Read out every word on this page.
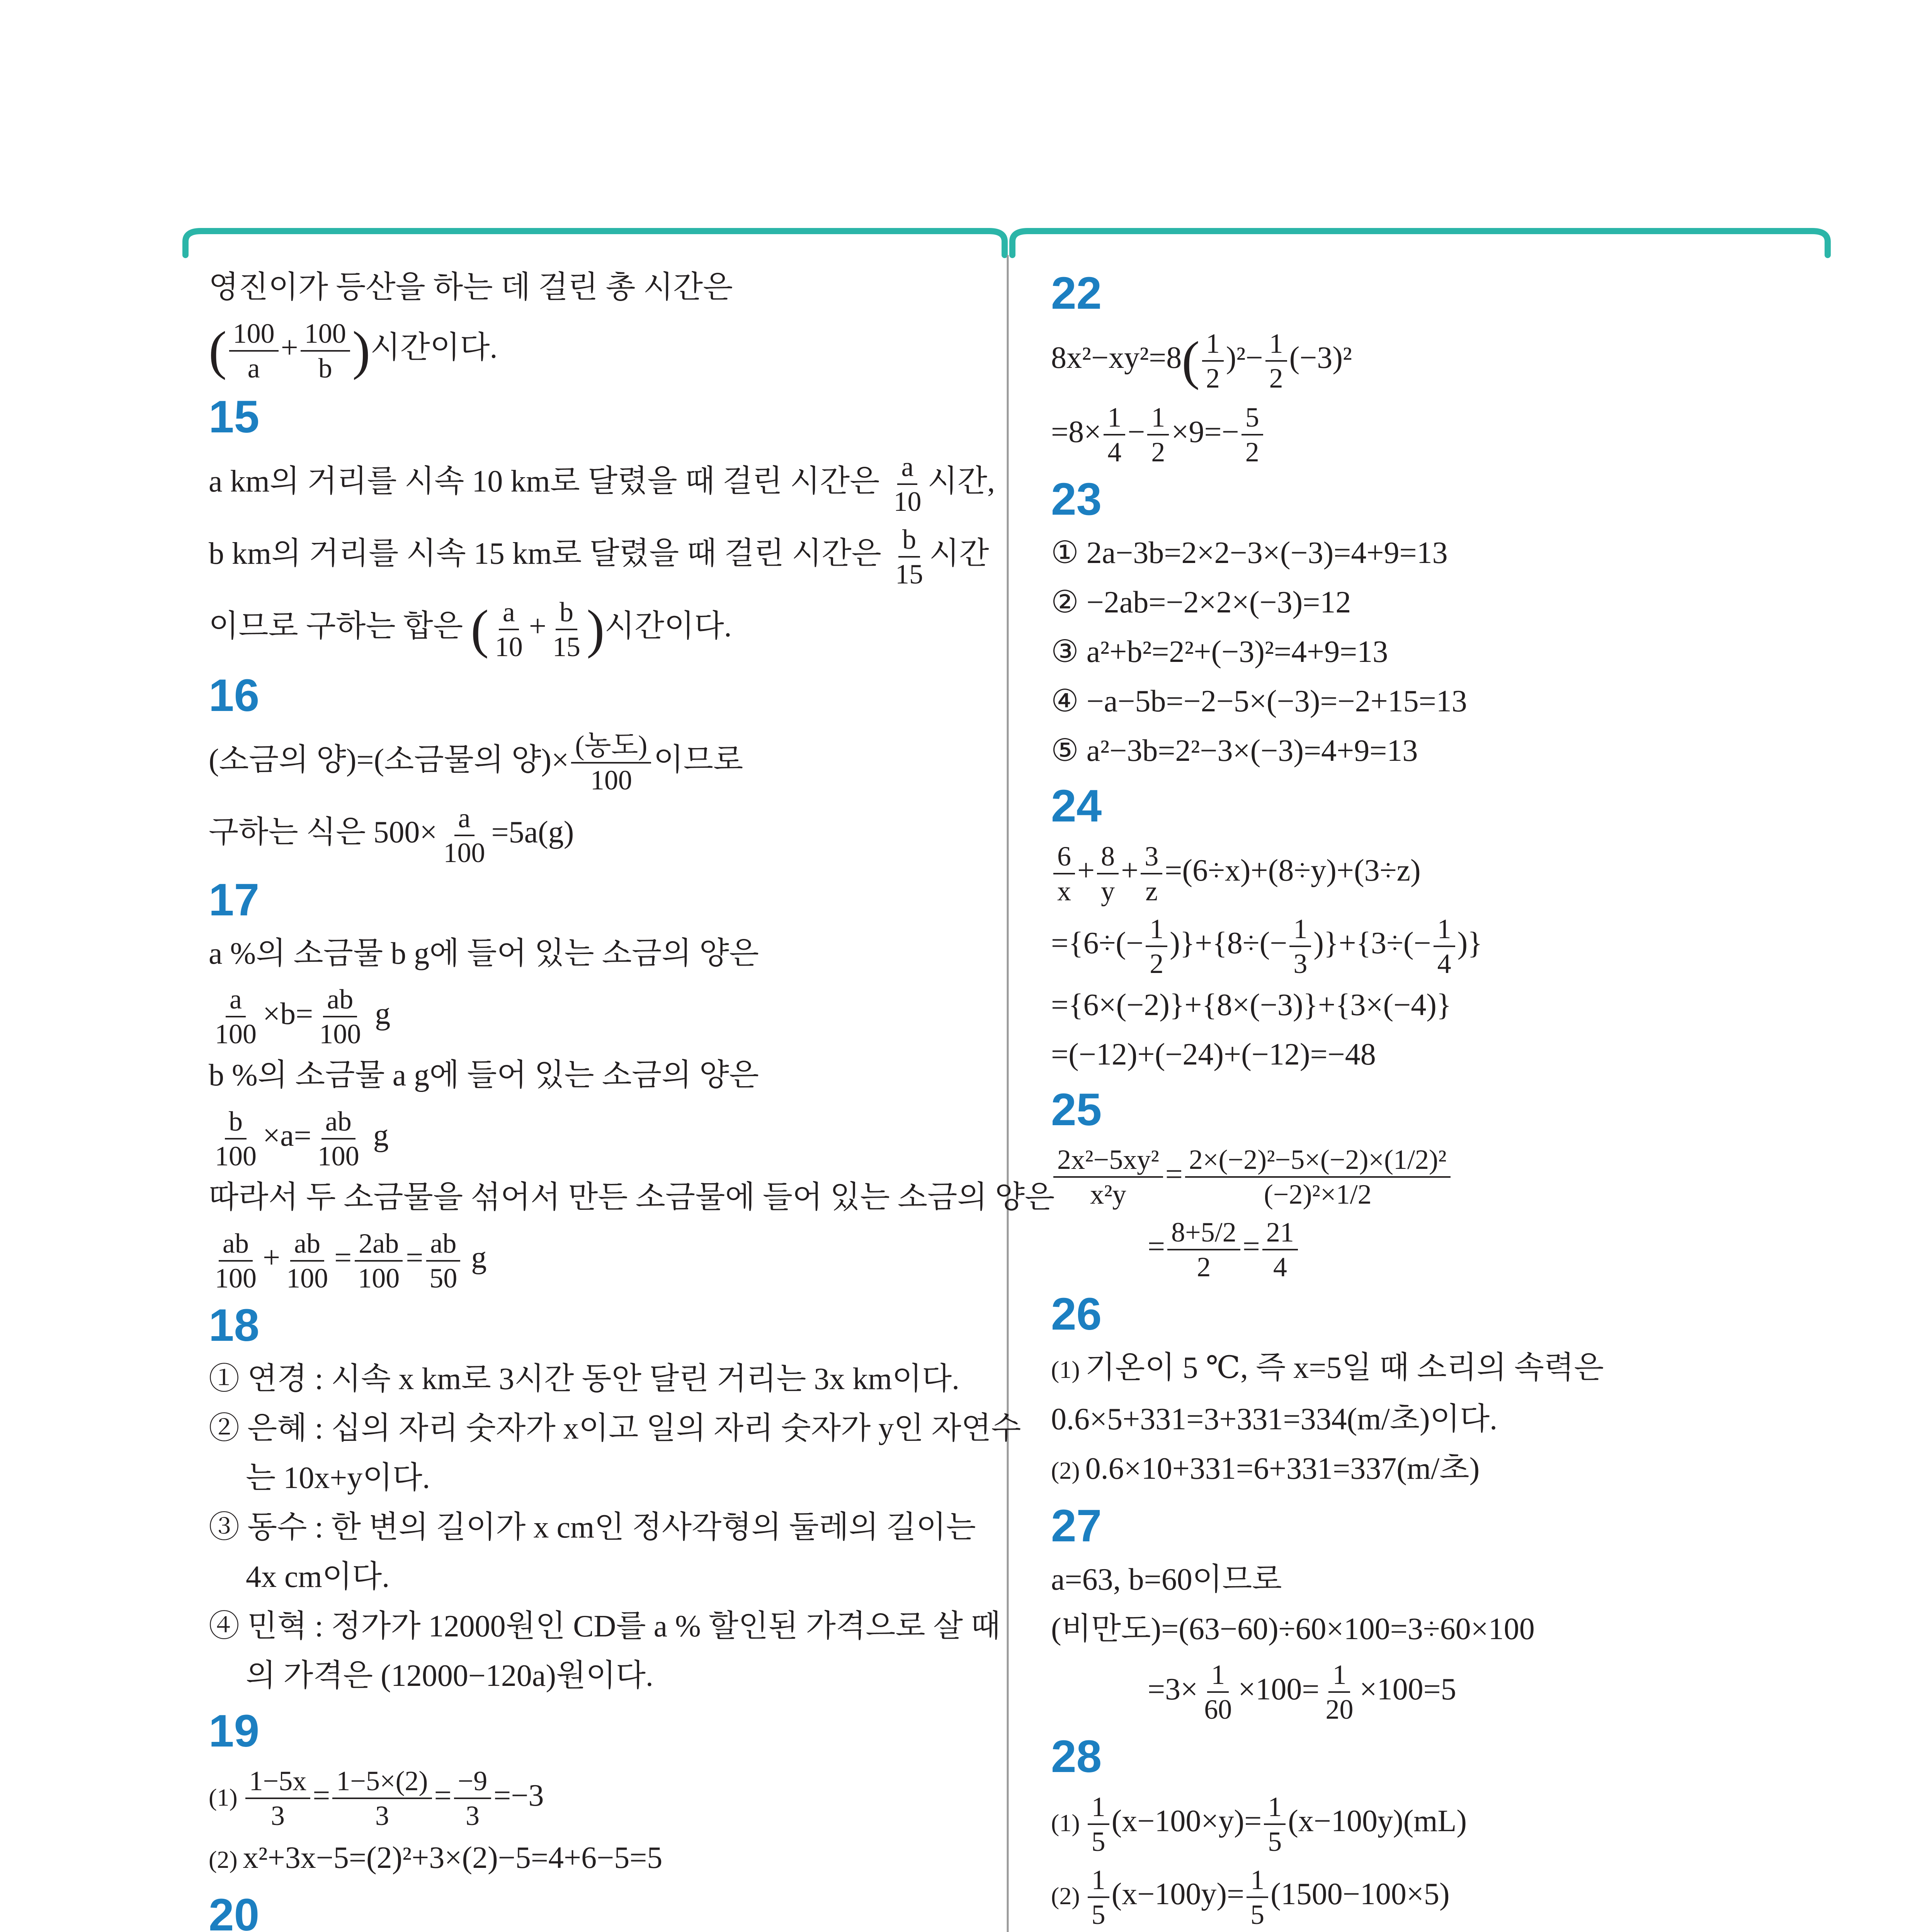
영진이가 등산을 하는 데 걸린 총 시간은
( $\frac{100}{a} + \frac{100}{b}$ )시간이다.
15
a km의 거리를 시속 10 km로 달렸을 때 걸린 시간은 $\frac{a}{10}$ 시간,
b km의 거리를 시속 15 km로 달렸을 때 걸린 시간은 $\frac{b}{15}$ 시간
이므로 구하는 합은 ( $\frac{a}{10} + \frac{b}{15}$ )시간이다.
16
(소금의 양)=(소금물의 양)× $\frac{\text{(농도)}}{100}$ 이므로
구하는 식은 $500\times \frac{a}{100} =5a(g)$
17
a %의 소금물 b g에 들어 있는 소금의 양은
$\frac{a}{100} \times b= \frac{ab}{100}$ g
b %의 소금물 a g에 들어 있는 소금의 양은
$\frac{b}{100} \times a= \frac{ab}{100}$ g
따라서 두 소금물을 섞어서 만든 소금물에 들어 있는 소금의 양은
$\frac{ab}{100} + \frac{ab}{100} = \frac{2ab}{100} = \frac{ab}{50}$ g
18
① 연경 : 시속 x km로 3시간 동안 달린 거리는 3x km이다.
② 은혜 : 십의 자리 숫자가 x이고 일의 자리 숫자가 y인 자연수
는 10x+y이다.
③ 동수 : 한 변의 길이가 x cm인 정사각형의 둘레의 길이는
4x cm이다.
④ 민혁 : 정가가 12000원인 CD를 a % 할인된 가격으로 살 때
의 가격은 (12000−120a)원이다.
19
$(1) \frac{1-5x}{3} = \frac{1-5\times(2)}{3} = \frac{-9}{3} =-3$
(2) x²+3x−5=(2)²+3×(2)−5=4+6−5=5
20
22
$8x^2-xy^2=8( \frac{1}{2} )^2- \frac{1}{2} (-3)^2$
$=8\times \frac{1}{4} - \frac{1}{2} \times 9=- \frac{5}{2}$
23
① 2a−3b=2×2−3×(−3)=4+9=13
② −2ab=−2×2×(−3)=12
③ a²+b²=2²+(−3)²=4+9=13
④ −a−5b=−2−5×(−3)=−2+15=13
⑤ a²−3b=2²−3×(−3)=4+9=13
24
$\frac{6}{x} + \frac{8}{y} + \frac{3}{z} =(6\div x)+(8\div y)+(3\div z)$
$=\{6\div(- \frac{1}{2} )\}+\{8\div(- \frac{1}{3} )\}+\{3\div(- \frac{1}{4}$ )}
={6×(−2)}+{8×(−3)}+{3×(−4)}
=(−12)+(−24)+(−12)=−48
25
$\frac{\text{2x²−5xy²}}{\text{x²y}} = \frac{\text{2×(−2)²−5×(−2)×(1/2)²}}{\text{(−2)²×1/2}}$
= $\frac{8+5/2}{2} = \frac{21}{4}$
26
(1) 기온이 5 ℃, 즉 x=5일 때 소리의 속력은
0.6×5+331=3+331=334(m/초)이다.
(2) 0.6×10+331=6+331=337(m/초)
27
a=63, b=60이므로
(비만도)=(63−60)÷60×100=3÷60×100
$=3\times \frac{1}{60} \times 100= \frac{1}{20} \times 100=5$
28
$(1) \frac{1}{5} (x-100\times y)= \frac{1}{5} (x-100y)(mL)$
$(2) \frac{1}{5} (x-100y)= \frac{1}{5} (1500-100\times 5)$
